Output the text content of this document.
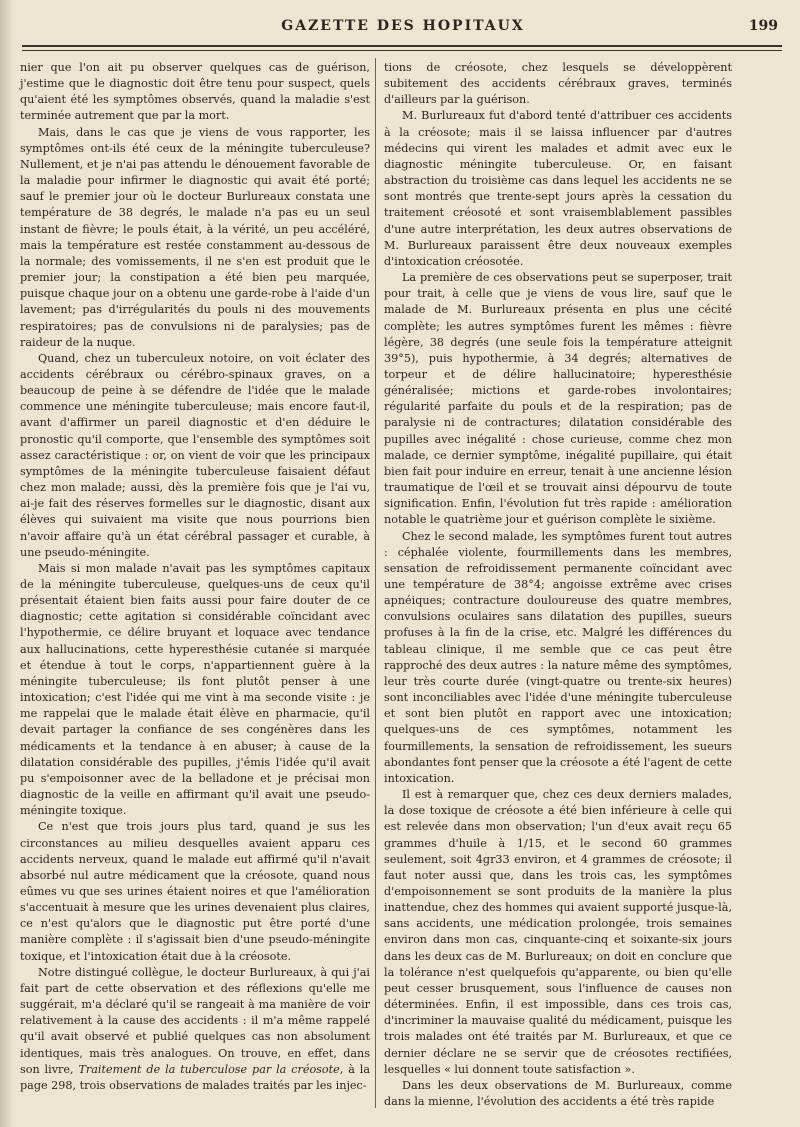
GAZETTE DES HOPITAUX	199

nier que l'on ait pu observer quelques cas de guérison, j'estime que le diagnostic doit être tenu pour suspect, quels qu'aient été les symptômes observés, quand la maladie s'est terminée autrement que par la mort.

Mais, dans le cas que je viens de vous rapporter, les symptômes ont-ils été ceux de la méningite tuberculeuse? Nullement, et je n'ai pas attendu le dénouement favorable de la maladie pour infirmer le diagnostic qui avait été porté; sauf le premier jour où le docteur Burlureaux constata une température de 38 degrés, le malade n'a pas eu un seul instant de fièvre; le pouls était, à la vérité, un peu accéléré, mais la température est restée constamment au-dessous de la normale; des vomissements, il ne s'en est produit que le premier jour; la constipation a été bien peu marquée, puisque chaque jour on a obtenu une garde-robe à l'aide d'un lavement; pas d'irrégularités du pouls ni des mouvements respiratoires; pas de convulsions ni de paralysies; pas de raideur de la nuque.

Quand, chez un tuberculeux notoire, on voit éclater des accidents cérébraux ou cérébro-spinaux graves, on a beaucoup de peine à se défendre de l'idée que le malade commence une méningite tuberculeuse; mais encore faut-il, avant d'affirmer un pareil diagnostic et d'en déduire le pronostic qu'il comporte, que l'ensemble des symptômes soit assez caractéristique : or, on vient de voir que les principaux symptômes de la méningite tuberculeuse faisaient défaut chez mon malade; aussi, dès la première fois que je l'ai vu, ai-je fait des réserves formelles sur le diagnostic, disant aux élèves qui suivaient ma visite que nous pourrions bien n'avoir affaire qu'à un état cérébral passager et curable, à une pseudo-méningite.

Mais si mon malade n'avait pas les symptômes capitaux de la méningite tuberculeuse, quelques-uns de ceux qu'il présentait étaient bien faits aussi pour faire douter de ce diagnostic; cette agitation si considérable coïncidant avec l'hypothermie, ce délire bruyant et loquace avec tendance aux hallucinations, cette hyperesthésie cutanée si marquée et étendue à tout le corps, n'appartiennent guère à la méningite tuberculeuse; ils font plutôt penser à une intoxication; c'est l'idée qui me vint à ma seconde visite : je me rappelai que le malade était élève en pharmacie, qu'il devait partager la confiance de ses congénères dans les médicaments et la tendance à en abuser; à cause de la dilatation considérable des pupilles, j'émis l'idée qu'il avait pu s'empoisonner avec de la belladone et je précisai mon diagnostic de la veille en affirmant qu'il avait une pseudo-méningite toxique.

Ce n'est que trois jours plus tard, quand je sus les circonstances au milieu desquelles avaient apparu ces accidents nerveux, quand le malade eut affirmé qu'il n'avait absorbé nul autre médicament que la créosote, quand nous eûmes vu que ses urines étaient noires et que l'amélioration s'accentuait à mesure que les urines devenaient plus claires, ce n'est qu'alors que le diagnostic put être porté d'une manière complète : il s'agissait bien d'une pseudo-méningite toxique, et l'intoxication était due à la créosote.

Notre distingué collègue, le docteur Burlureaux, à qui j'ai fait part de cette observation et des réflexions qu'elle me suggérait, m'a déclaré qu'il se rangeait à ma manière de voir relativement à la cause des accidents : il m'a même rappelé qu'il avait observé et publié quelques cas non absolument identiques, mais très analogues. On trouve, en effet, dans son livre, Traitement de la tuberculose par la créosote, à la page 298, trois observations de malades traités par les injec-

tions de créosote, chez lesquels se développèrent subitement des accidents cérébraux graves, terminés d'ailleurs par la guérison.

M. Burlureaux fut d'abord tenté d'attribuer ces accidents à la créosote; mais il se laissa influencer par d'autres médecins qui virent les malades et admit avec eux le diagnostic méningite tuberculeuse. Or, en faisant abstraction du troisième cas dans lequel les accidents ne se sont montrés que trente-sept jours après la cessation du traitement créosoté et sont vraisemblablement passibles d'une autre interprétation, les deux autres observations de M. Burlureaux paraissent être deux nouveaux exemples d'intoxication créosotée.

La première de ces observations peut se superposer, trait pour trait, à celle que je viens de vous lire, sauf que le malade de M. Burlureaux présenta en plus une cécité complète; les autres symptômes furent les mêmes : fièvre légère, 38 degrés (une seule fois la température atteignit 39°5), puis hypothermie, à 34 degrés; alternatives de torpeur et de délire hallucinatoire; hyperesthésie généralisée; mictions et garde-robes involontaires; régularité parfaite du pouls et de la respiration; pas de paralysie ni de contractures; dilatation considérable des pupilles avec inégalité : chose curieuse, comme chez mon malade, ce dernier symptôme, inégalité pupillaire, qui était bien fait pour induire en erreur, tenait à une ancienne lésion traumatique de l'œil et se trouvait ainsi dépourvu de toute signification. Enfin, l'évolution fut très rapide : amélioration notable le quatrième jour et guérison complète le sixième.

Chez le second malade, les symptômes furent tout autres : céphalée violente, fourmillements dans les membres, sensation de refroidissement permanente coïncidant avec une température de 38°4; angoisse extrême avec crises apnéiques; contracture douloureuse des quatre membres, convulsions oculaires sans dilatation des pupilles, sueurs profuses à la fin de la crise, etc. Malgré les différences du tableau clinique, il me semble que ce cas peut être rapproché des deux autres : la nature même des symptômes, leur très courte durée (vingt-quatre ou trente-six heures) sont inconciliables avec l'idée d'une méningite tuberculeuse et sont bien plutôt en rapport avec une intoxication; quelques-uns de ces symptômes, notamment les fourmillements, la sensation de refroidissement, les sueurs abondantes font penser que la créosote a été l'agent de cette intoxication.

Il est à remarquer que, chez ces deux derniers malades, la dose toxique de créosote a été bien inférieure à celle qui est relevée dans mon observation; l'un d'eux avait reçu 65 grammes d'huile à 1/15, et le second 60 grammes seulement, soit 4gr33 environ, et 4 grammes de créosote; il faut noter aussi que, dans les trois cas, les symptômes d'empoisonnement se sont produits de la manière la plus inattendue, chez des hommes qui avaient supporté jusque-là, sans accidents, une médication prolongée, trois semaines environ dans mon cas, cinquante-cinq et soixante-six jours dans les deux cas de M. Burlureaux; on doit en conclure que la tolérance n'est quelquefois qu'apparente, ou bien qu'elle peut cesser brusquement, sous l'influence de causes non déterminées. Enfin, il est impossible, dans ces trois cas, d'incriminer la mauvaise qualité du médicament, puisque les trois malades ont été traités par M. Burlureaux, et que ce dernier déclare ne se servir que de créosotes rectifiées, lesquelles « lui donnent toute satisfaction ».

Dans les deux observations de M. Burlureaux, comme dans la mienne, l'évolution des accidents a été très rapide
